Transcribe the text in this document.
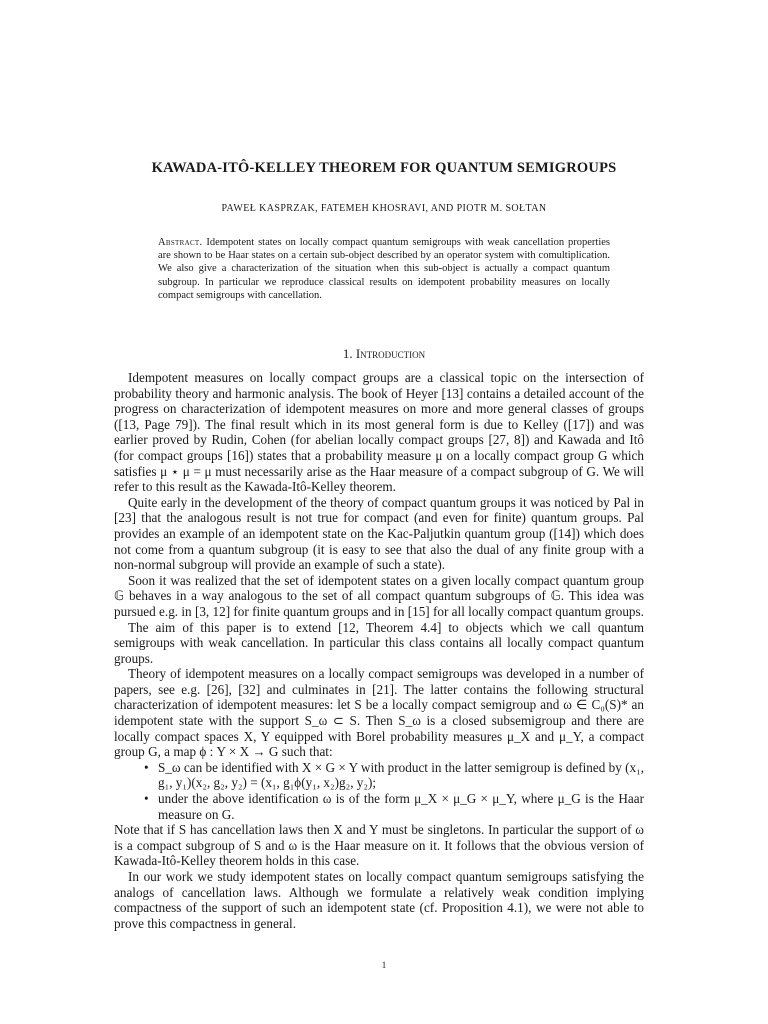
KAWADA-ITÔ-KELLEY THEOREM FOR QUANTUM SEMIGROUPS
PAWEŁ KASPRZAK, FATEMEH KHOSRAVI, AND PIOTR M. SOŁTAN
Abstract. Idempotent states on locally compact quantum semigroups with weak cancellation properties are shown to be Haar states on a certain sub-object described by an operator system with comultiplication. We also give a characterization of the situation when this sub-object is actually a compact quantum subgroup. In particular we reproduce classical results on idempotent probability measures on locally compact semigroups with cancellation.
1. Introduction

Idempotent measures on locally compact groups are a classical topic on the intersection of probability theory and harmonic analysis. The book of Heyer [13] contains a detailed account of the progress on characterization of idempotent measures on more and more general classes of groups ([13, Page 79]). The final result which in its most general form is due to Kelley ([17]) and was earlier proved by Rudin, Cohen (for abelian locally compact groups [27, 8]) and Kawada and Itô (for compact groups [16]) states that a probability measure μ on a locally compact group G which satisfies μ ⋆ μ = μ must necessarily arise as the Haar measure of a compact subgroup of G. We will refer to this result as the Kawada-Itô-Kelley theorem.

Quite early in the development of the theory of compact quantum groups it was noticed by Pal in [23] that the analogous result is not true for compact (and even for finite) quantum groups. Pal provides an example of an idempotent state on the Kac-Paljutkin quantum group ([14]) which does not come from a quantum subgroup (it is easy to see that also the dual of any finite group with a non-normal subgroup will provide an example of such a state).

Soon it was realized that the set of idempotent states on a given locally compact quantum group 𝔾 behaves in a way analogous to the set of all compact quantum subgroups of 𝔾. This idea was pursued e.g. in [3, 12] for finite quantum groups and in [15] for all locally compact quantum groups.

The aim of this paper is to extend [12, Theorem 4.4] to objects which we call quantum semigroups with weak cancellation. In particular this class contains all locally compact quantum groups.

Theory of idempotent measures on a locally compact semigroups was developed in a number of papers, see e.g. [26], [32] and culminates in [21]. The latter contains the following structural characterization of idempotent measures: let S be a locally compact semigroup and ω ∈ C₀(S)* an idempotent state with the support S_ω ⊂ S. Then S_ω is a closed subsemigroup and there are locally compact spaces X, Y equipped with Borel probability measures μ_X and μ_Y, a compact group G, a map ϕ : Y × X → G such that:

• S_ω can be identified with X × G × Y with product in the latter semigroup is defined by (x₁, g₁, y₁)(x₂, g₂, y₂) = (x₁, g₁ϕ(y₁, x₂)g₂, y₂);
• under the above identification ω is of the form μ_X × μ_G × μ_Y, where μ_G is the Haar measure on G.

Note that if S has cancellation laws then X and Y must be singletons. In particular the support of ω is a compact subgroup of S and ω is the Haar measure on it. It follows that the obvious version of Kawada-Itô-Kelley theorem holds in this case.

In our work we study idempotent states on locally compact quantum semigroups satisfying the analogs of cancellation laws. Although we formulate a relatively weak condition implying compactness of the support of such an idempotent state (cf. Proposition 4.1), we were not able to prove this compactness in general.

1
